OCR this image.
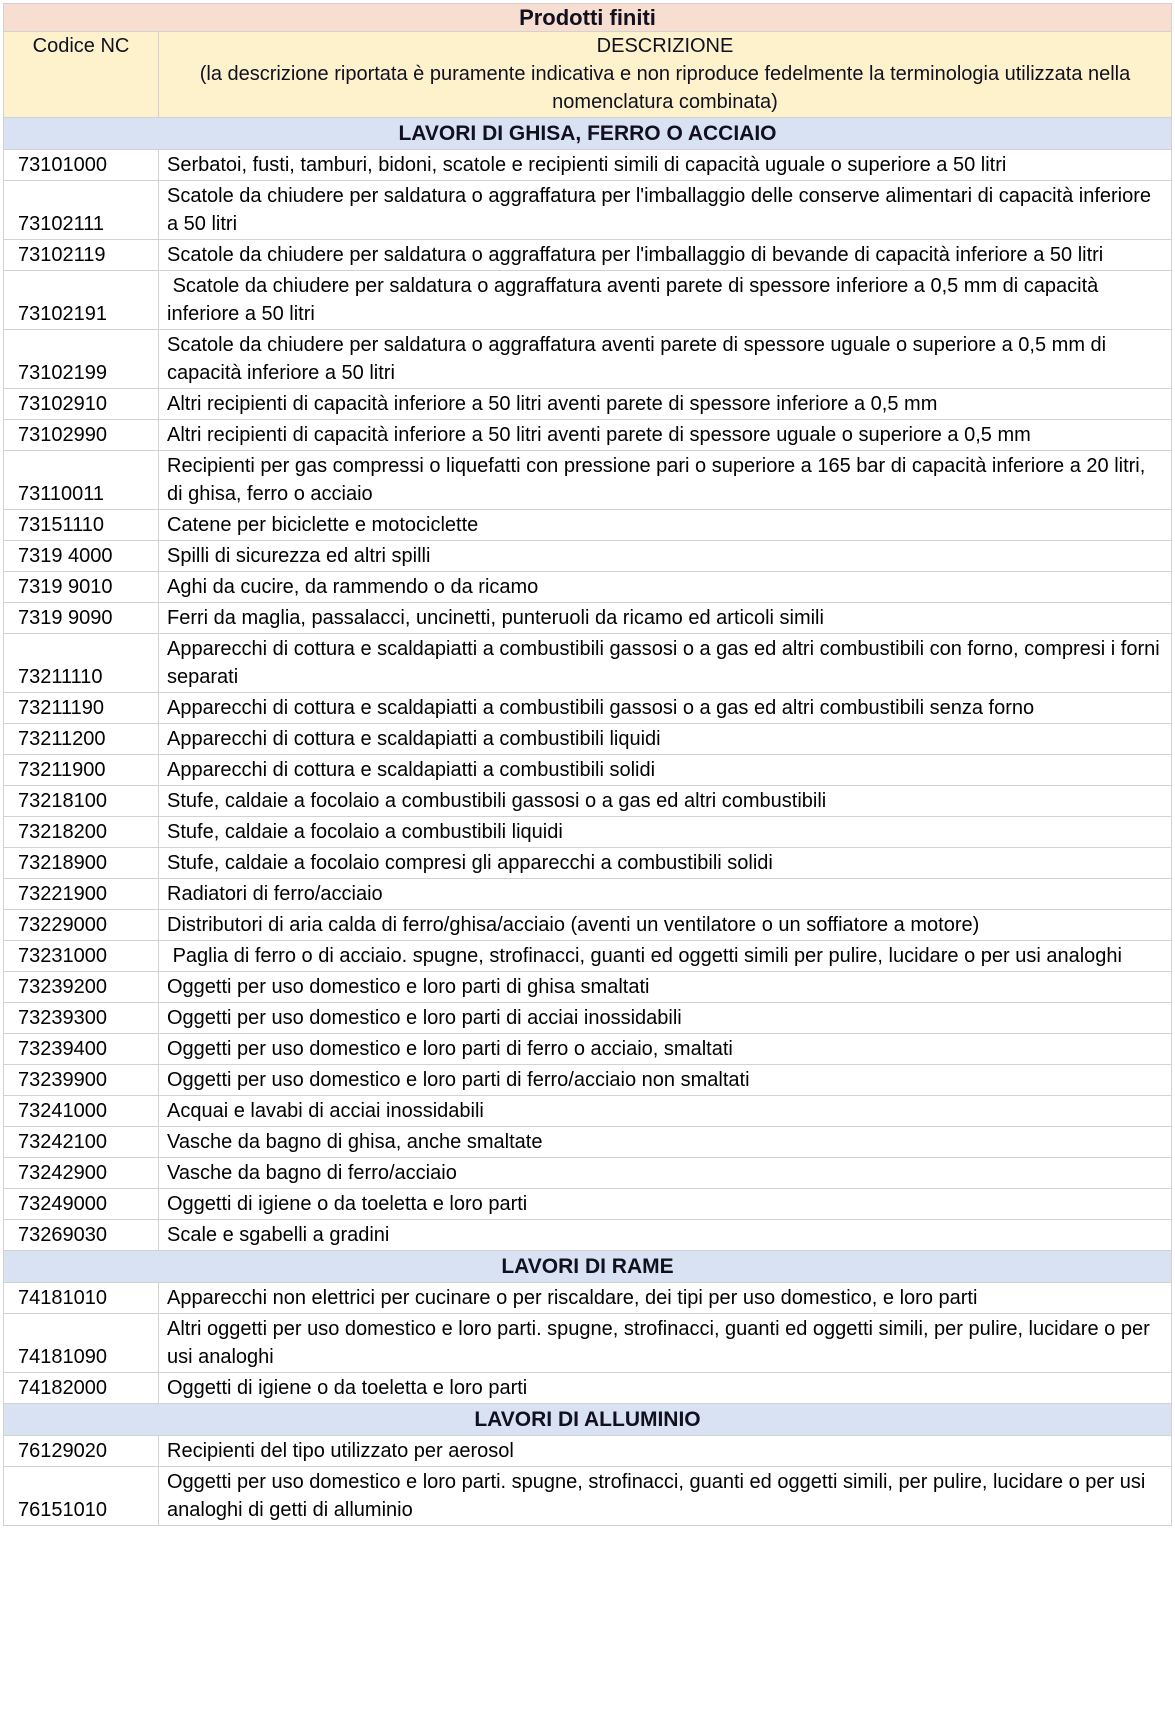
Prodotti finiti	
Codice NC	DESCRIZIONE
(la descrizione riportata è puramente indicativa e non riproduce fedelmente la terminologia utilizzata nella nomenclatura combinata)

LAVORI DI GHISA, FERRO O ACCIAIO	
73101000	Serbatoi, fusti, tamburi, bidoni, scatole e recipienti simili di capacità uguale o superiore a 50 litri
73102111	Scatole da chiudere per saldatura o aggraffatura per l'imballaggio delle conserve alimentari di capacità inferiore a 50 litri
73102119	Scatole da chiudere per saldatura o aggraffatura per l'imballaggio di bevande di capacità inferiore a 50 litri
73102191	Scatole da chiudere per saldatura o aggraffatura aventi parete di spessore inferiore a 0,5 mm di capacità inferiore a 50 litri
73102199	Scatole da chiudere per saldatura o aggraffatura aventi parete di spessore uguale o superiore a 0,5 mm di capacità inferiore a 50 litri
73102910	Altri recipienti di capacità inferiore a 50 litri aventi parete di spessore inferiore a 0,5 mm
73102990	Altri recipienti di capacità inferiore a 50 litri aventi parete di spessore uguale o superiore a 0,5 mm
73110011	Recipienti per gas compressi o liquefatti con pressione pari o superiore a 165 bar di capacità inferiore a 20 litri, di ghisa, ferro o acciaio
73151110	Catene per biciclette e motociclette
7319 4000	Spilli di sicurezza ed altri spilli
7319 9010	Aghi da cucire, da rammendo o da ricamo
7319 9090	Ferri da maglia, passalacci, uncinetti, punteruoli da ricamo ed articoli simili
73211110	Apparecchi di cottura e scaldapiatti a combustibili gassosi o a gas ed altri combustibili con forno, compresi i forni separati
73211190	Apparecchi di cottura e scaldapiatti a combustibili gassosi o a gas ed altri combustibili senza forno
73211200	Apparecchi di cottura e scaldapiatti a combustibili liquidi
73211900	Apparecchi di cottura e scaldapiatti a combustibili solidi
73218100	Stufe, caldaie a focolaio a combustibili gassosi o a gas ed altri combustibili
73218200	Stufe, caldaie a focolaio a combustibili liquidi
73218900	Stufe, caldaie a focolaio compresi gli apparecchi a combustibili solidi
73221900	Radiatori di ferro/acciaio
73229000	Distributori di aria calda di ferro/ghisa/acciaio (aventi un ventilatore o un soffiatore a motore)
73231000	Paglia di ferro o di acciaio. spugne, strofinacci, guanti ed oggetti simili per pulire, lucidare o per usi analoghi
73239200	Oggetti per uso domestico e loro parti di ghisa smaltati
73239300	Oggetti per uso domestico e loro parti di acciai inossidabili
73239400	Oggetti per uso domestico e loro parti di ferro o acciaio, smaltati
73239900	Oggetti per uso domestico e loro parti di ferro/acciaio non smaltati
73241000	Acquai e lavabi di acciai inossidabili
73242100	Vasche da bagno di ghisa, anche smaltate
73242900	Vasche da bagno di ferro/acciaio
73249000	Oggetti di igiene o da toeletta e loro parti
73269030	Scale e sgabelli a gradini
LAVORI DI RAME	
74181010	Apparecchi non elettrici per cucinare o per riscaldare, dei tipi per uso domestico, e loro parti
74181090	Altri oggetti per uso domestico e loro parti. spugne, strofinacci, guanti ed oggetti simili, per pulire, lucidare o per usi analoghi
74182000	Oggetti di igiene o da toeletta e loro parti
LAVORI DI ALLUMINIO	
76129020	Recipienti del tipo utilizzato per aerosol
76151010	Oggetti per uso domestico e loro parti. spugne, strofinacci, guanti ed oggetti simili, per pulire, lucidare o per usi analoghi di getti di alluminio
